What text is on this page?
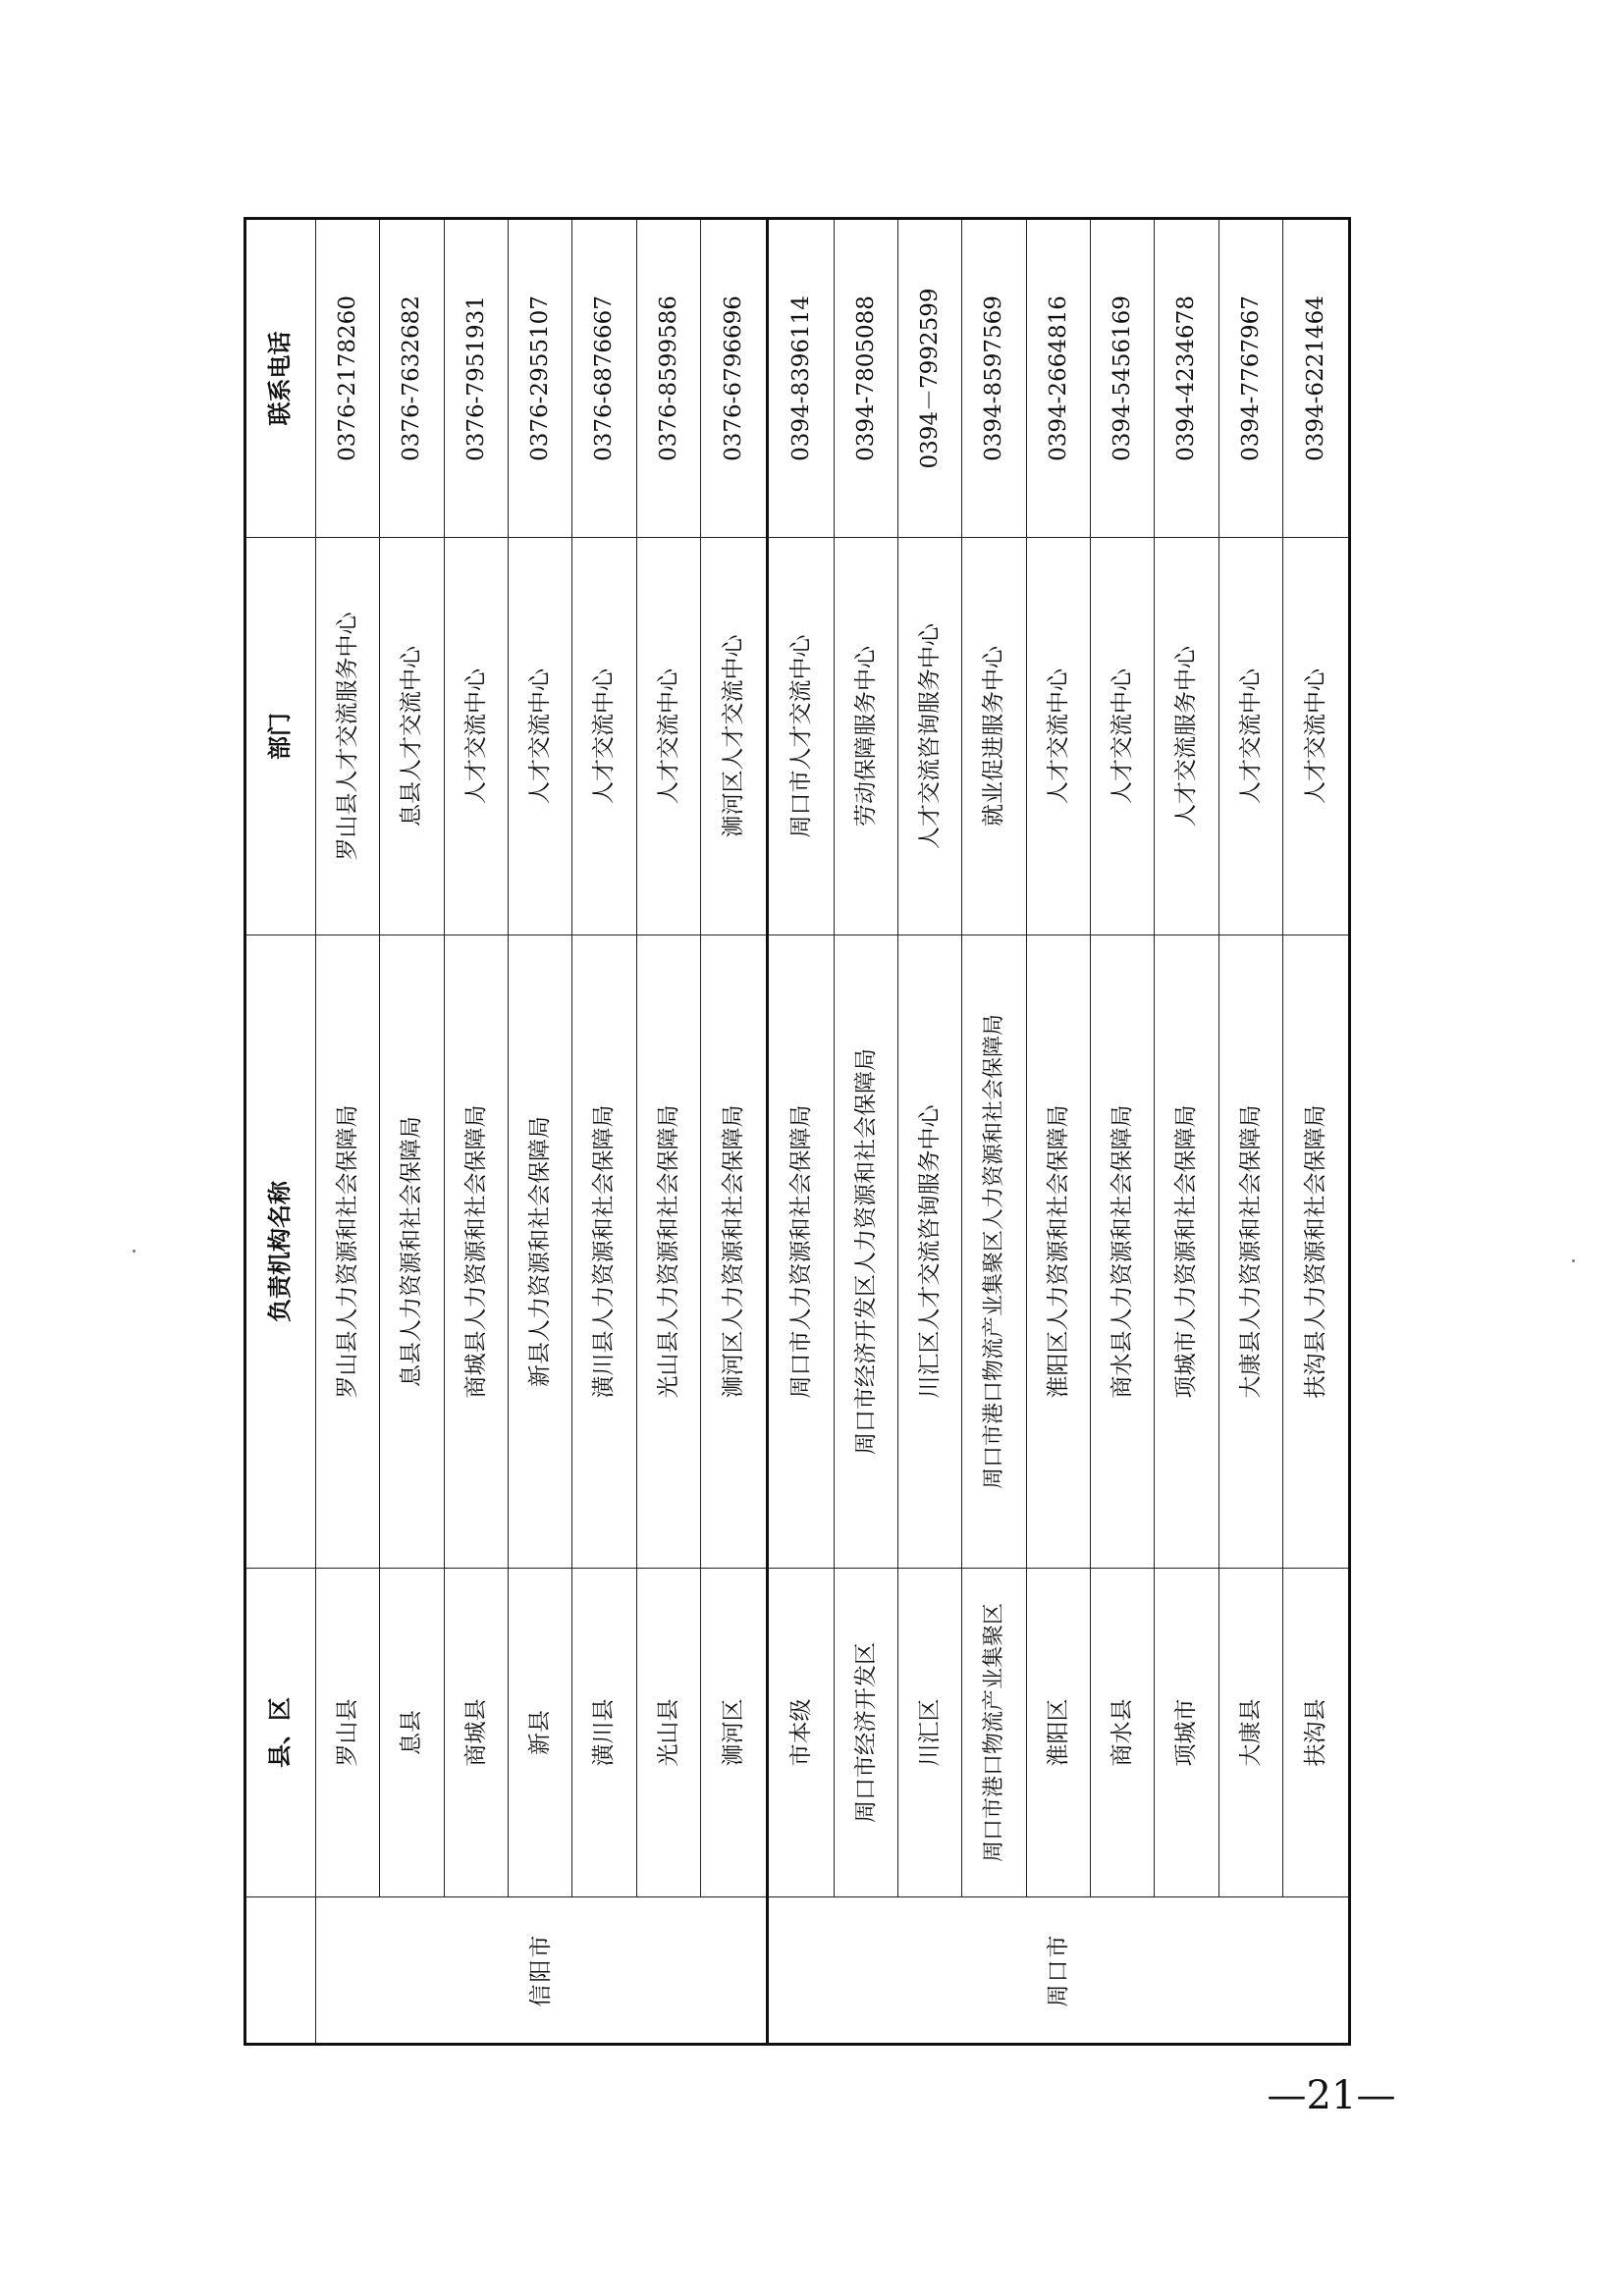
	县、区	负责机构名称	部门	联系电话
信阳市	罗山县	罗山县人力资源和社会保障局	罗山县人才交流服务中心	0376-2178260
	息县	息县人力资源和社会保障局	息县人才交流中心	0376-7632682
	商城县	商城县人力资源和社会保障局	人才交流中心	0376-7951931
	新县	新县人力资源和社会保障局	人才交流中心	0376-2955107
	潢川县	潢川县人力资源和社会保障局	人才交流中心	0376-6876667
	光山县	光山县人力资源和社会保障局	人才交流中心	0376-8599586
	浉河区	浉河区人力资源和社会保障局	浉河区人才交流中心	0376-6796696
周口市	市本级	周口市人力资源和社会保障局	周口市人才交流中心	0394-8396114
	周口市经济开发区	周口市经济开发区人力资源和社会保障局	劳动保障服务中心	0394-7805088
	川汇区	川汇区人才交流咨询服务中心	人才交流咨询服务中心	0394－7992599
	周口市港口物流产业集聚区	周口市港口物流产业集聚区人力资源和社会保障局	就业促进服务中心	0394-8597569
	淮阳区	淮阳区人力资源和社会保障局	人才交流中心	0394-2664816
	商水县	商水县人力资源和社会保障局	人才交流中心	0394-5456169
	项城市	项城市人力资源和社会保障局	人才交流服务中心	0394-4234678
	大康县	大康县人力资源和社会保障局	人才交流中心	0394-7767967
	扶沟县	扶沟县人力资源和社会保障局	人才交流中心	0394-6221464
—21—
